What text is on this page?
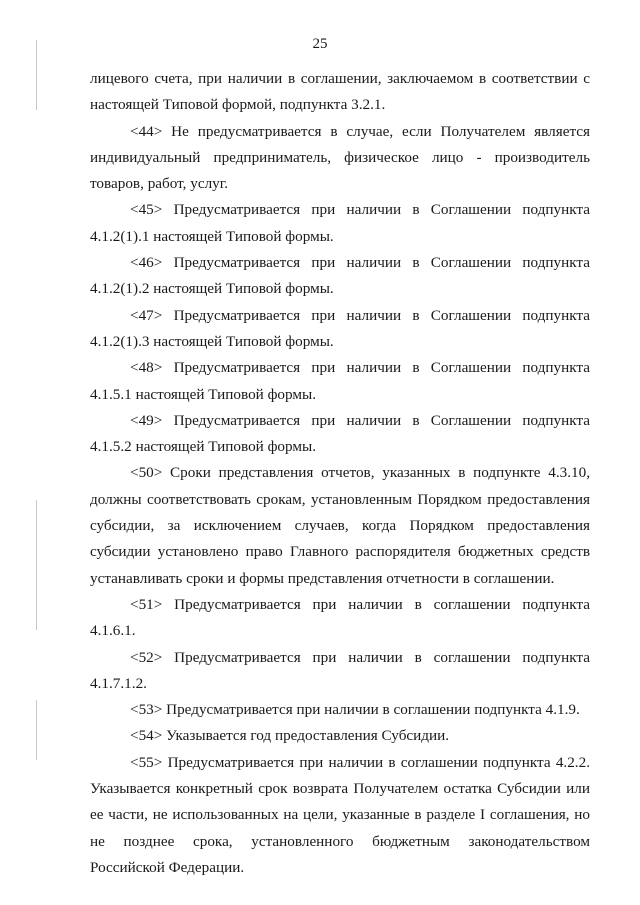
25

лицевого счета, при наличии в соглашении, заключаемом в соответствии с настоящей Типовой формой, подпункта 3.2.1.

<44> Не предусматривается в случае, если Получателем является индивидуальный предприниматель, физическое лицо - производитель товаров, работ, услуг.

<45> Предусматривается при наличии в Соглашении подпункта 4.1.2(1).1 настоящей Типовой формы.

<46> Предусматривается при наличии в Соглашении подпункта 4.1.2(1).2 настоящей Типовой формы.

<47> Предусматривается при наличии в Соглашении подпункта 4.1.2(1).3 настоящей Типовой формы.

<48> Предусматривается при наличии в Соглашении подпункта 4.1.5.1 настоящей Типовой формы.

<49> Предусматривается при наличии в Соглашении подпункта 4.1.5.2 настоящей Типовой формы.

<50> Сроки представления отчетов, указанных в подпункте 4.3.10, должны соответствовать срокам, установленным Порядком предоставления субсидии, за исключением случаев, когда Порядком предоставления субсидии установлено право Главного распорядителя бюджетных средств устанавливать сроки и формы представления отчетности в соглашении.

<51> Предусматривается при наличии в соглашении подпункта 4.1.6.1.

<52> Предусматривается при наличии в соглашении подпункта 4.1.7.1.2.

<53> Предусматривается при наличии в соглашении подпункта 4.1.9.

<54> Указывается год предоставления Субсидии.

<55> Предусматривается при наличии в соглашении подпункта 4.2.2. Указывается конкретный срок возврата Получателем остатка Субсидии или ее части, не использованных на цели, указанные в разделе I соглашения, но не позднее срока, установленного бюджетным законодательством Российской Федерации.
